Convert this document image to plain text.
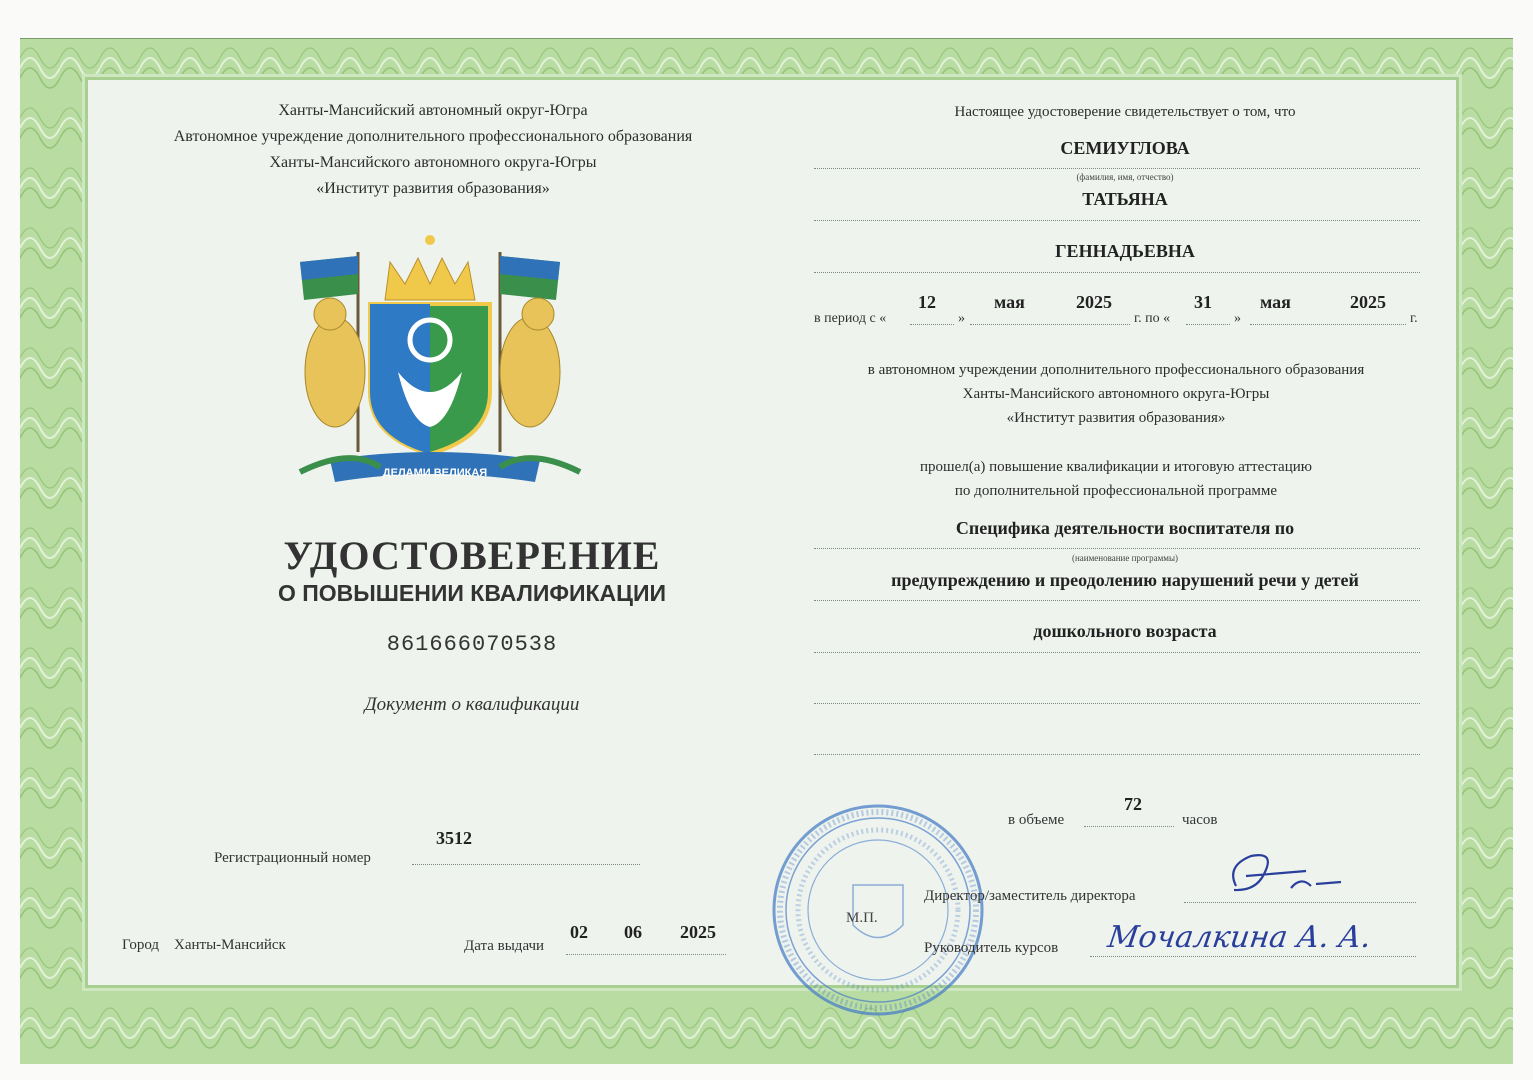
Ханты-Мансийский автономный округ-Югра
Автономное учреждение дополнительного профессионального образования
Ханты-Мансийского автономного округа-Югры
«Институт развития образования»
ДЕЛАМИ ВЕЛИКАЯ
УДОСТОВЕРЕНИЕ
О ПОВЫШЕНИИ КВАЛИФИКАЦИИ
861666070538
Документ о квалификации
Регистрационный номер
3512
Город Ханты-Мансийск	Дата выдачи
02 06 2025
Настоящее удостоверение свидетельствует о том, что
СЕМИУГЛОВА
(фамилия, имя, отчество)
ТАТЬЯНА
ГЕННАДЬЕВНА
в период с «
12
»
мая	2025
г. по «
31
»
мая	2025
г.
в автономном учреждении дополнительного профессионального образования
Ханты-Мансийского автономного округа-Югры
«Институт развития образования»
прошел(а) повышение квалификации и итоговую аттестацию
по дополнительной профессиональной программе
Специфика деятельности воспитателя по
(наименование программы)
предупреждению и преодолению нарушений речи у детей
дошкольного возраста
в объеме
72
часов
М.П.
Директор/заместитель директора
Руководитель курсов Мочалкина А. А.
